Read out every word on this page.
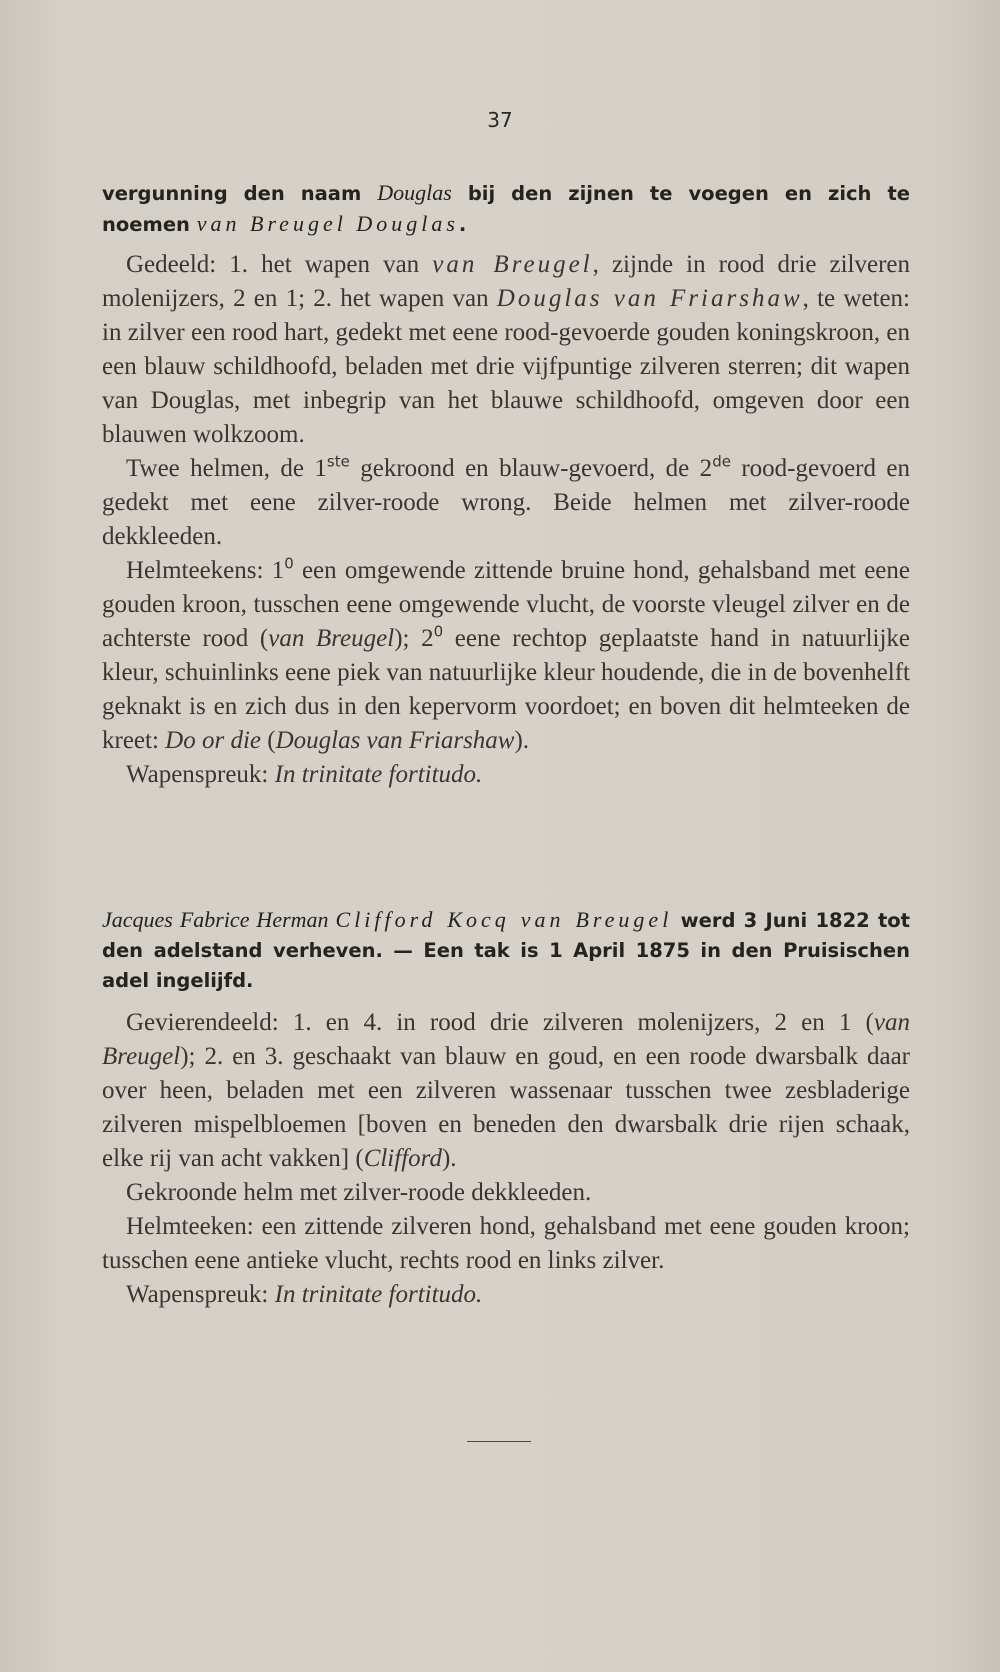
37
vergunning den naam Douglas bij den zijnen te voegen en zich te
noemen van Breugel Douglas.

Gedeeld: 1. het wapen van van Breugel, zijnde in rood drie zilveren molenijzers, 2 en 1; 2. het wapen van Douglas van Friarshaw, te weten: in zilver een rood hart, gedekt met eene rood-gevoerde gouden koningskroon, en een blauw schildhoofd, beladen met drie vijfpuntige zilveren sterren; dit wapen van Douglas, met inbegrip van het blauwe schildhoofd, omgeven door een blauwen wolkzoom.

Twee helmen, de 1ste gekroond en blauw-gevoerd, de 2de rood-gevoerd en gedekt met eene zilver-roode wrong. Beide helmen met zilver-roode dekkleeden.

Helmteekens: $1^0$ een omgewende zittende bruine hond, gehalsband met eene gouden kroon, tusschen eene omgewende vlucht, de voorste vleugel zilver en de achterste rood (van Breugel); $2^0$ eene rechtop geplaatste hand in natuurlijke kleur, schuinlinks eene piek van natuurlijke kleur houdende, die in de bovenhelft geknakt is en zich dus in den kepervorm voordoet; en boven dit helmteeken de kreet: Do or die (Douglas van Friarshaw).

Wapenspreuk: In trinitate fortitudo.

Jacques Fabrice Herman Clifford Kocq van Breugel werd 3 Juni 1822 tot den adelstand verheven. — Een tak is 1 April 1875 in den Pruisischen adel ingelijfd.

Gevierendeeld: 1. en 4. in rood drie zilveren molenijzers, 2 en 1 (van Breugel); 2. en 3. geschaakt van blauw en goud, en een roode dwarsbalk daar over heen, beladen met een zilveren wassenaar tusschen twee zesbladerige zilveren mispelbloemen [boven en beneden den dwarsbalk drie rijen schaak, elke rij van acht vakken] (Clifford).

Gekroonde helm met zilver-roode dekkleeden.

Helmteeken: een zittende zilveren hond, gehalsband met eene gouden kroon; tusschen eene antieke vlucht, rechts rood en links zilver.

Wapenspreuk: In trinitate fortitudo.
